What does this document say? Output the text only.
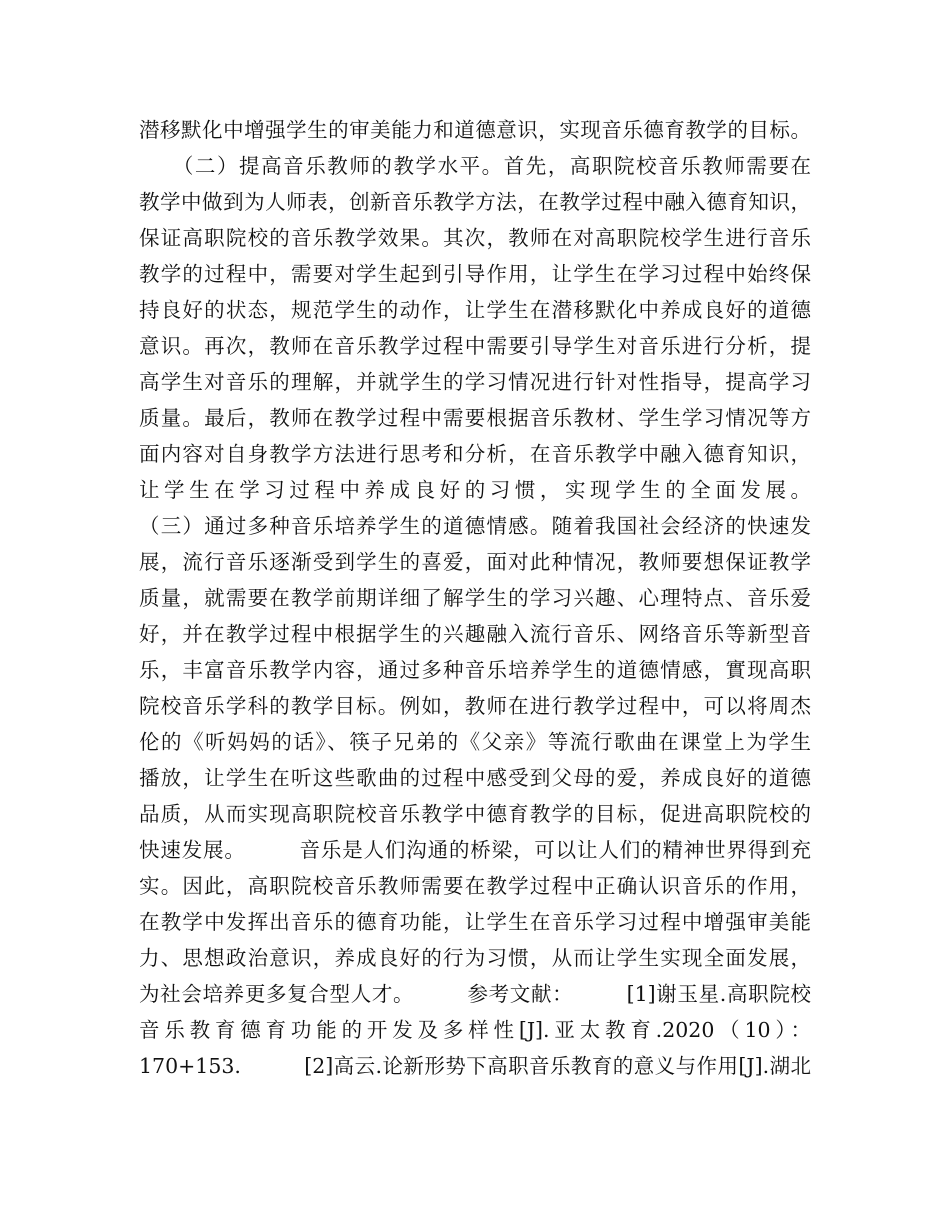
潜移默化中增强学生的审美能力和道德意识，实现音乐德育教学的目标。
　　（二）提高音乐教师的教学水平。首先，高职院校音乐教师需要在
教学中做到为人师表，创新音乐教学方法，在教学过程中融入德育知识，
保证高职院校的音乐教学效果。其次，教师在对高职院校学生进行音乐
教学的过程中，需要对学生起到引导作用，让学生在学习过程中始终保
持良好的状态，规范学生的动作，让学生在潜移默化中养成良好的道德
意识。再次，教师在音乐教学过程中需要引导学生对音乐进行分析，提
高学生对音乐的理解，并就学生的学习情况进行针对性指导，提高学习
质量。最后，教师在教学过程中需要根据音乐教材、学生学习情况等方
面内容对自身教学方法进行思考和分析，在音乐教学中融入德育知识，
让学生在学习过程中养成良好的习惯，实现学生的全面发展。
（三）通过多种音乐培养学生的道德情感。随着我国社会经济的快速发
展，流行音乐逐渐受到学生的喜爱，面对此种情况，教师要想保证教学
质量，就需要在教学前期详细了解学生的学习兴趣、心理特点、音乐爱
好，并在教学过程中根据学生的兴趣融入流行音乐、网络音乐等新型音
乐，丰富音乐教学内容，通过多种音乐培养学生的道德情感，實现高职
院校音乐学科的教学目标。例如，教师在进行教学过程中，可以将周杰
伦的《听妈妈的话》、筷子兄弟的《父亲》等流行歌曲在课堂上为学生
播放，让学生在听这些歌曲的过程中感受到父母的爱，养成良好的道德
品质，从而实现高职院校音乐教学中德育教学的目标，促进高职院校的
快速发展。　　　音乐是人们沟通的桥梁，可以让人们的精神世界得到充
实。因此，高职院校音乐教师需要在教学过程中正确认识音乐的作用，
在教学中发挥出音乐的德育功能，让学生在音乐学习过程中增强审美能
力、思想政治意识，养成良好的行为习惯，从而让学生实现全面发展，
为社会培养更多复合型人才。　　　参考文献：　　　[1]谢玉星.高职院校
音乐教育德育功能的开发及多样性[J].亚太教育.2020（10）：
170+153.　　　[2]高云.论新形势下高职音乐教育的意义与作用[J].湖北
